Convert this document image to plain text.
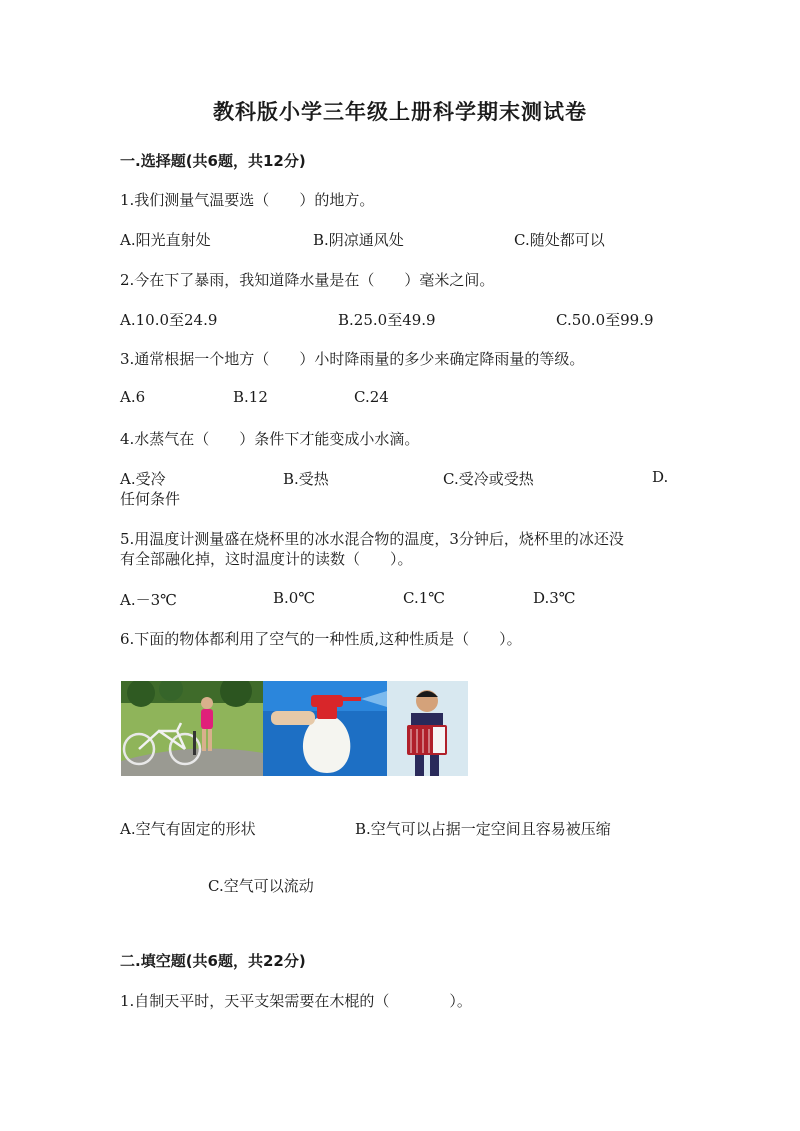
教科版小学三年级上册科学期末测试卷
一.选择题(共6题，共12分)
1.我们测量气温要选（　　）的地方。
A.阳光直射处	B.阴凉通风处	C.随处都可以
2.今在下了暴雨，我知道降水量是在（　　）毫米之间。
A.10.0至24.9	B.25.0至49.9	C.50.0至99.9
3.通常根据一个地方（　　）小时降雨量的多少来确定降雨量的等级。
A.6	B.12	C.24
4.水蒸气在（　　）条件下才能变成小水滴。
A.受冷	B.受热	C.受冷或受热	D.
任何条件
5.用温度计测量盛在烧杯里的冰水混合物的温度，3分钟后，烧杯里的冰还没
有全部融化掉，这时温度计的读数（　　）。
A.－3℃	B.0℃	C.1℃	D.3℃
6.下面的物体都利用了空气的一种性质,这种性质是（　　）。
A.空气有固定的形状	B.空气可以占据一定空间且容易被压缩
C.空气可以流动
二.填空题(共6题，共22分)
1.自制天平时，天平支架需要在木棍的（　　　　）。
